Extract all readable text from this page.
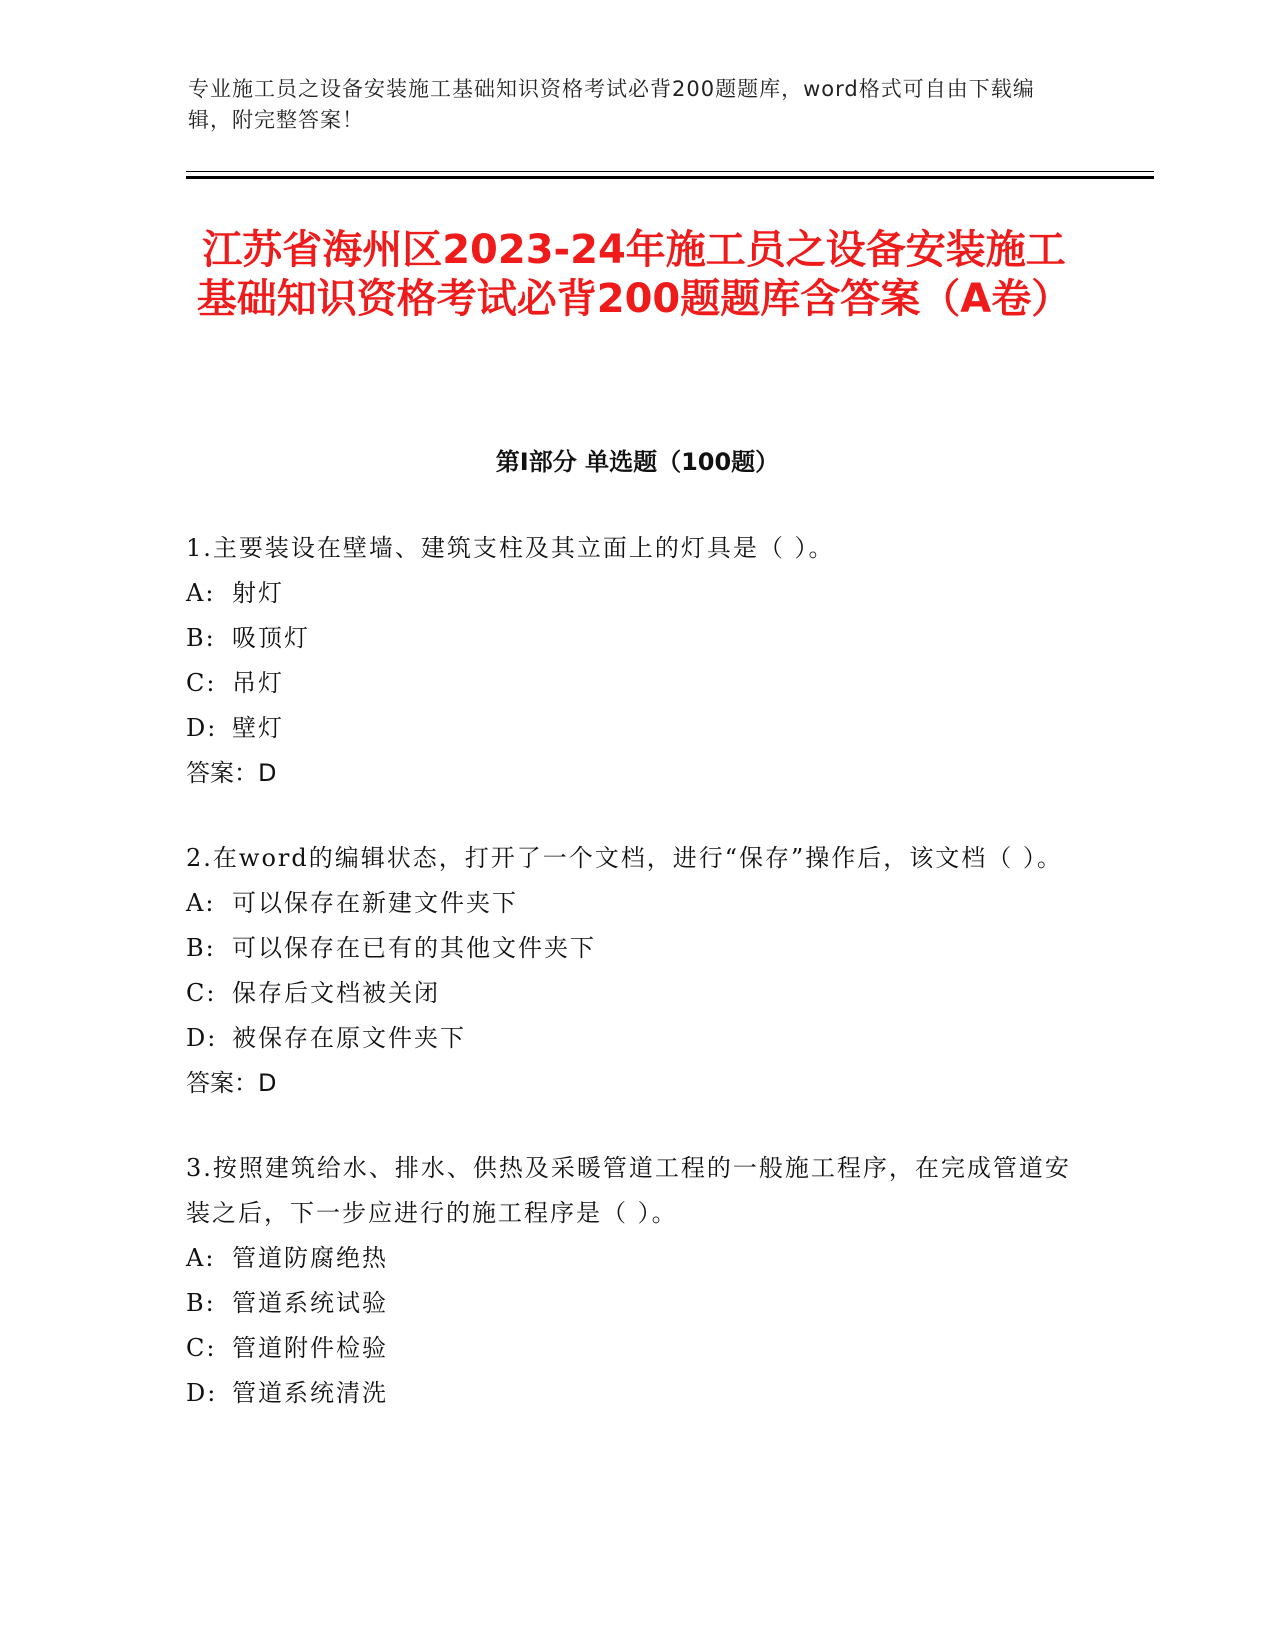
专业施工员之设备安装施工基础知识资格考试必背200题题库，word格式可自由下载编辑，附完整答案！
江苏省海州区2023-24年施工员之设备安装施工基础知识资格考试必背200题题库含答案（A卷）
第Ⅰ部分 单选题（100题）
1.主要装设在壁墙、建筑支柱及其立面上的灯具是（ ）。
A: 射灯
B: 吸顶灯
C: 吊灯
D: 壁灯
答案：D
2.在word的编辑状态，打开了一个文档，进行“保存”操作后，该文档（ ）。
A: 可以保存在新建文件夹下
B: 可以保存在已有的其他文件夹下
C: 保存后文档被关闭
D: 被保存在原文件夹下
答案：D
3.按照建筑给水、排水、供热及采暖管道工程的一般施工程序，在完成管道安装之后，下一步应进行的施工程序是（ ）。
A: 管道防腐绝热
B: 管道系统试验
C: 管道附件检验
D: 管道系统清洗
